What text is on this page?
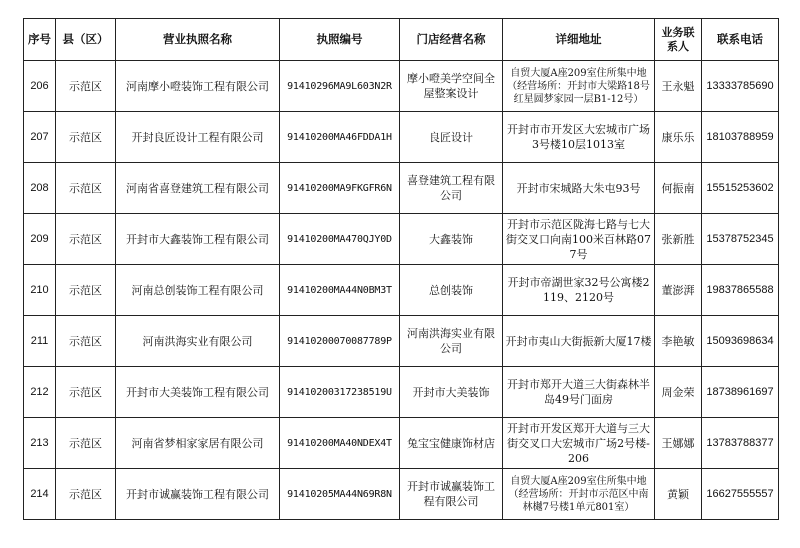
序号	县（区）	营业执照名称	执照编号	门店经营名称	详细地址	业务联系人	联系电话
206	示范区	河南摩小噔装饰工程有限公司	91410296MA9L603N2R	摩小噔美学空间全屋整案设计	自贸大厦A座209室住所集中地（经营场所：开封市大梁路18号红星圆梦家园一层B1-12号）	王永魁	13333785690
207	示范区	开封良匠设计工程有限公司	91410200MA46FDDA1H	良匠设计	开封市市开发区大宏城市广场3号楼10层1013室	康乐乐	18103788959
208	示范区	河南省喜登建筑工程有限公司	91410200MA9FKGFR6N	喜登建筑工程有限公司	开封市宋城路大朱屯93号	何振南	15515253602
209	示范区	开封市大鑫装饰工程有限公司	91410200MA470QJY0D	大鑫装饰	开封市示范区陇海七路与七大街交叉口向南100米百林路077号	张新胜	15378752345
210	示范区	河南总创装饰工程有限公司	91410200MA44N0BM3T	总创装饰	开封市帝湖世家32号公寓楼2119、2120号	董澎湃	19837865588
211	示范区	河南洪海实业有限公司	91410200070087789P	河南洪海实业有限公司	开封市夷山大街振新大厦17楼	李艳敏	15093698634
212	示范区	开封市大美装饰工程有限公司	91410200317238519U	开封市大美装饰	开封市郑开大道三大街森林半岛49号门面房	周金荣	18738961697
213	示范区	河南省梦相家家居有限公司	91410200MA40NDEX4T	兔宝宝健康饰材店	开封市开发区郑开大道与三大街交叉口大宏城市广场2号楼-206	王娜娜	13783788377
214	示范区	开封市诚赢装饰工程有限公司	91410205MA44N69R8N	开封市诚赢装饰工程有限公司	自贸大厦A座209室住所集中地（经营场所：开封市示范区中南林樾7号楼1单元801室）	黄颖	16627555557
